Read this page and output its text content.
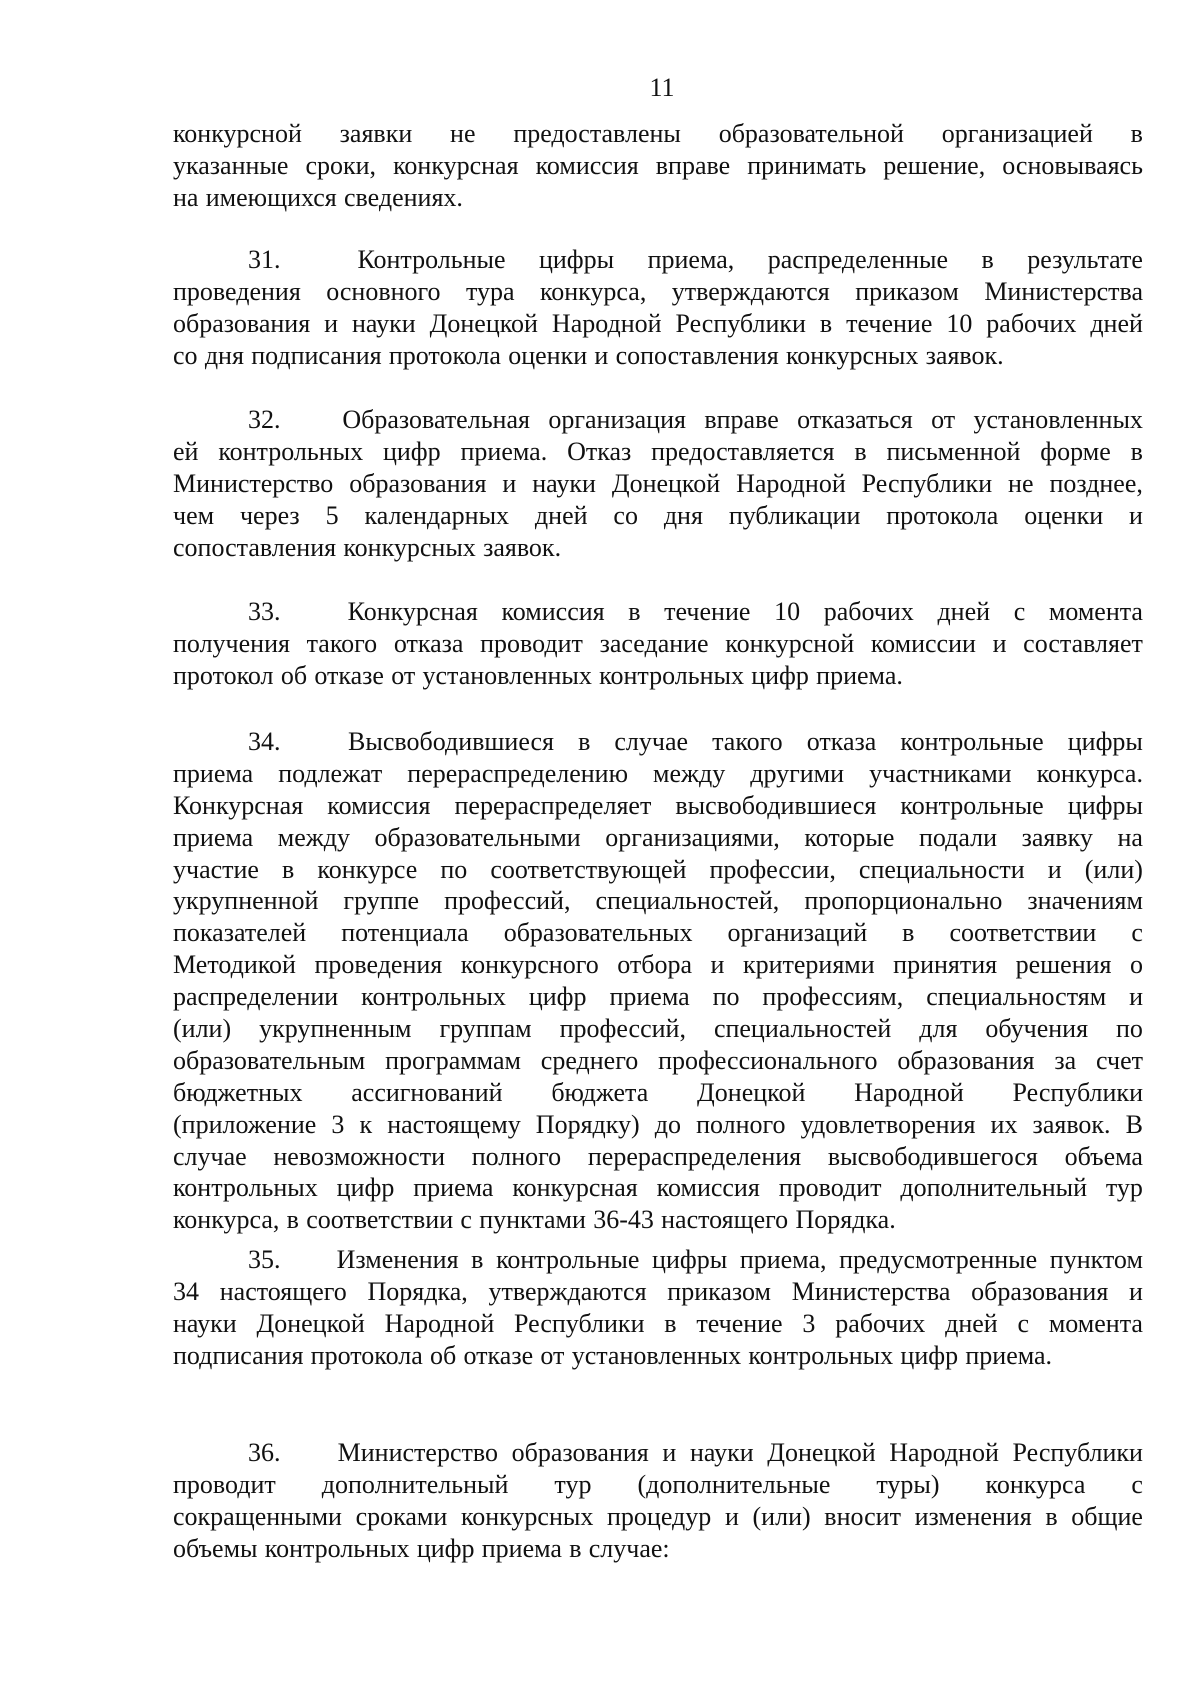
11
конкурсной заявки не предоставлены образовательной организацией в
указанные сроки, конкурсная комиссия вправе принимать решение, основываясь
на имеющихся сведениях.
31.	Контрольные цифры приема, распределенные в результате
проведения основного тура конкурса, утверждаются приказом Министерства
образования и науки Донецкой Народной Республики в течение 10 рабочих дней
со дня подписания протокола оценки и сопоставления конкурсных заявок.
32.	Образовательная организация вправе отказаться от установленных
ей контрольных цифр приема. Отказ предоставляется в письменной форме в
Министерство образования и науки Донецкой Народной Республики не позднее,
чем через 5 календарных дней со дня публикации протокола оценки и
сопоставления конкурсных заявок.
33.	Конкурсная комиссия в течение 10 рабочих дней с момента
получения такого отказа проводит заседание конкурсной комиссии и составляет
протокол об отказе от установленных контрольных цифр приема.
34.	Высвободившиеся в случае такого отказа контрольные цифры
приема подлежат перераспределению между другими участниками конкурса.
Конкурсная комиссия перераспределяет высвободившиеся контрольные цифры
приема между образовательными организациями, которые подали заявку на
участие в конкурсе по соответствующей профессии, специальности и (или)
укрупненной группе профессий, специальностей, пропорционально значениям
показателей потенциала образовательных организаций в соответствии с
Методикой проведения конкурсного отбора и критериями принятия решения о
распределении контрольных цифр приема по профессиям, специальностям и
(или) укрупненным группам профессий, специальностей для обучения по
образовательным программам среднего профессионального образования за счет
бюджетных ассигнований бюджета Донецкой Народной Республики
(приложение 3 к настоящему Порядку) до полного удовлетворения их заявок. В
случае невозможности полного перераспределения высвободившегося объема
контрольных цифр приема конкурсная комиссия проводит дополнительный тур
конкурса, в соответствии с пунктами 36-43 настоящего Порядка.
35.	Изменения в контрольные цифры приема, предусмотренные пунктом
34 настоящего Порядка, утверждаются приказом Министерства образования и
науки Донецкой Народной Республики в течение 3 рабочих дней с момента
подписания протокола об отказе от установленных контрольных цифр приема.
36.	Министерство образования и науки Донецкой Народной Республики
проводит дополнительный тур (дополнительные туры) конкурса с
сокращенными сроками конкурсных процедур и (или) вносит изменения в общие
объемы контрольных цифр приема в случае:
